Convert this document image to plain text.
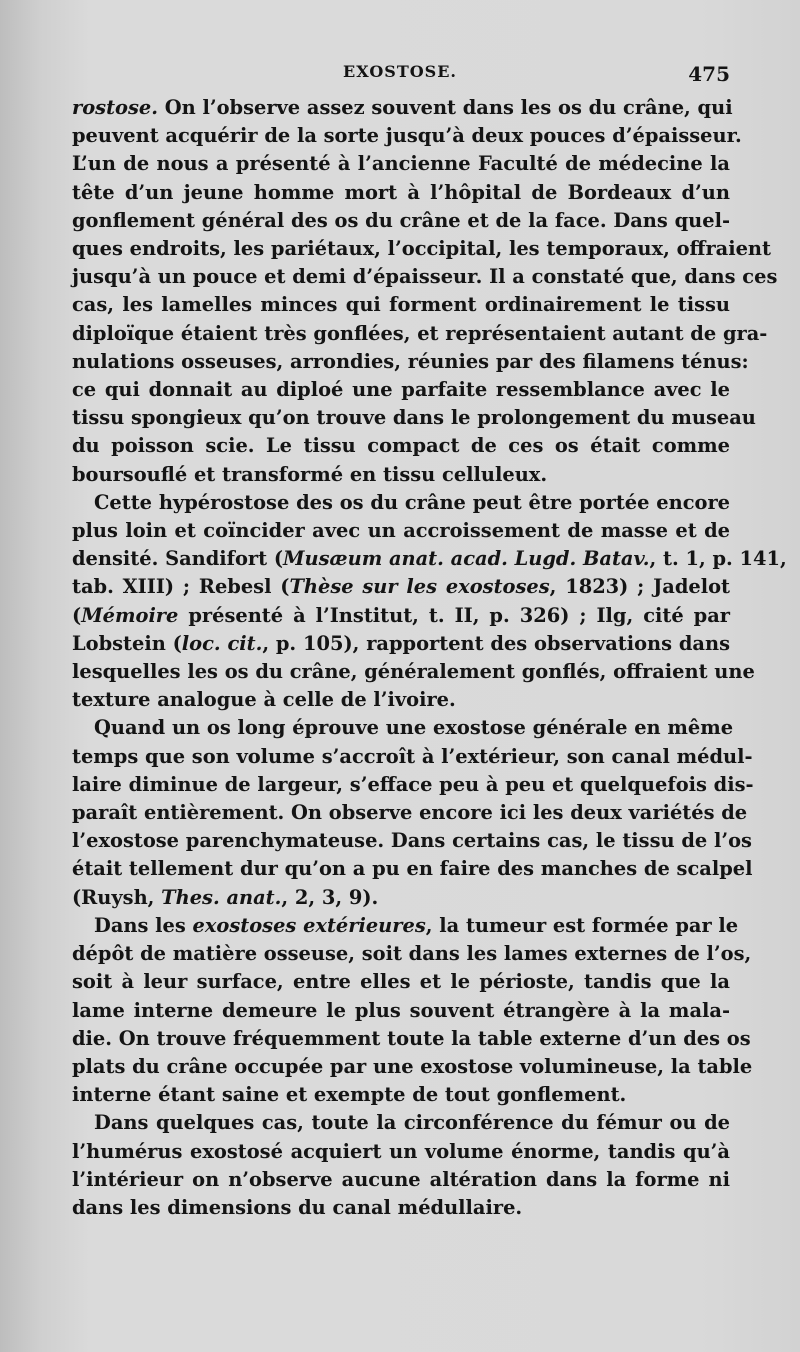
EXOSTOSE.	475
rostose. On l’observe assez souvent dans les os du crâne, qui
peuvent acquérir de la sorte jusqu’à deux pouces d’épaisseur.
L’un de nous a présenté à l’ancienne Faculté de médecine la
tête d’un jeune homme mort à l’hôpital de Bordeaux d’un
gonflement général des os du crâne et de la face. Dans quel-
ques endroits, les pariétaux, l’occipital, les temporaux, offraient
jusqu’à un pouce et demi d’épaisseur. Il a constaté que, dans ces
cas, les lamelles minces qui forment ordinairement le tissu
diploïque étaient très gonflées, et représentaient autant de gra-
nulations osseuses, arrondies, réunies par des filamens ténus:
ce qui donnait au diploé une parfaite ressemblance avec le
tissu spongieux qu’on trouve dans le prolongement du museau
du poisson scie. Le tissu compact de ces os était comme
boursouflé et transformé en tissu celluleux.
Cette hypérostose des os du crâne peut être portée encore
plus loin et coïncider avec un accroissement de masse et de
densité. Sandifort (Musæum anat. acad. Lugd. Batav., t. 1, p. 141,
tab. XIII) ; Rebesl (Thèse sur les exostoses, 1823) ; Jadelot
(Mémoire présenté à l’Institut, t. II, p. 326) ; Ilg, cité par
Lobstein (loc. cit., p. 105), rapportent des observations dans
lesquelles les os du crâne, généralement gonflés, offraient une
texture analogue à celle de l’ivoire.
Quand un os long éprouve une exostose générale en même
temps que son volume s’accroît à l’extérieur, son canal médul-
laire diminue de largeur, s’efface peu à peu et quelquefois dis-
paraît entièrement. On observe encore ici les deux variétés de
l’exostose parenchymateuse. Dans certains cas, le tissu de l’os
était tellement dur qu’on a pu en faire des manches de scalpel
(Ruysh, Thes. anat., 2, 3, 9).
Dans les exostoses extérieures, la tumeur est formée par le
dépôt de matière osseuse, soit dans les lames externes de l’os,
soit à leur surface, entre elles et le périoste, tandis que la
lame interne demeure le plus souvent étrangère à la mala-
die. On trouve fréquemment toute la table externe d’un des os
plats du crâne occupée par une exostose volumineuse, la table
interne étant saine et exempte de tout gonflement.
Dans quelques cas, toute la circonférence du fémur ou de
l’humérus exostosé acquiert un volume énorme, tandis qu’à
l’intérieur on n’observe aucune altération dans la forme ni
dans les dimensions du canal médullaire.
